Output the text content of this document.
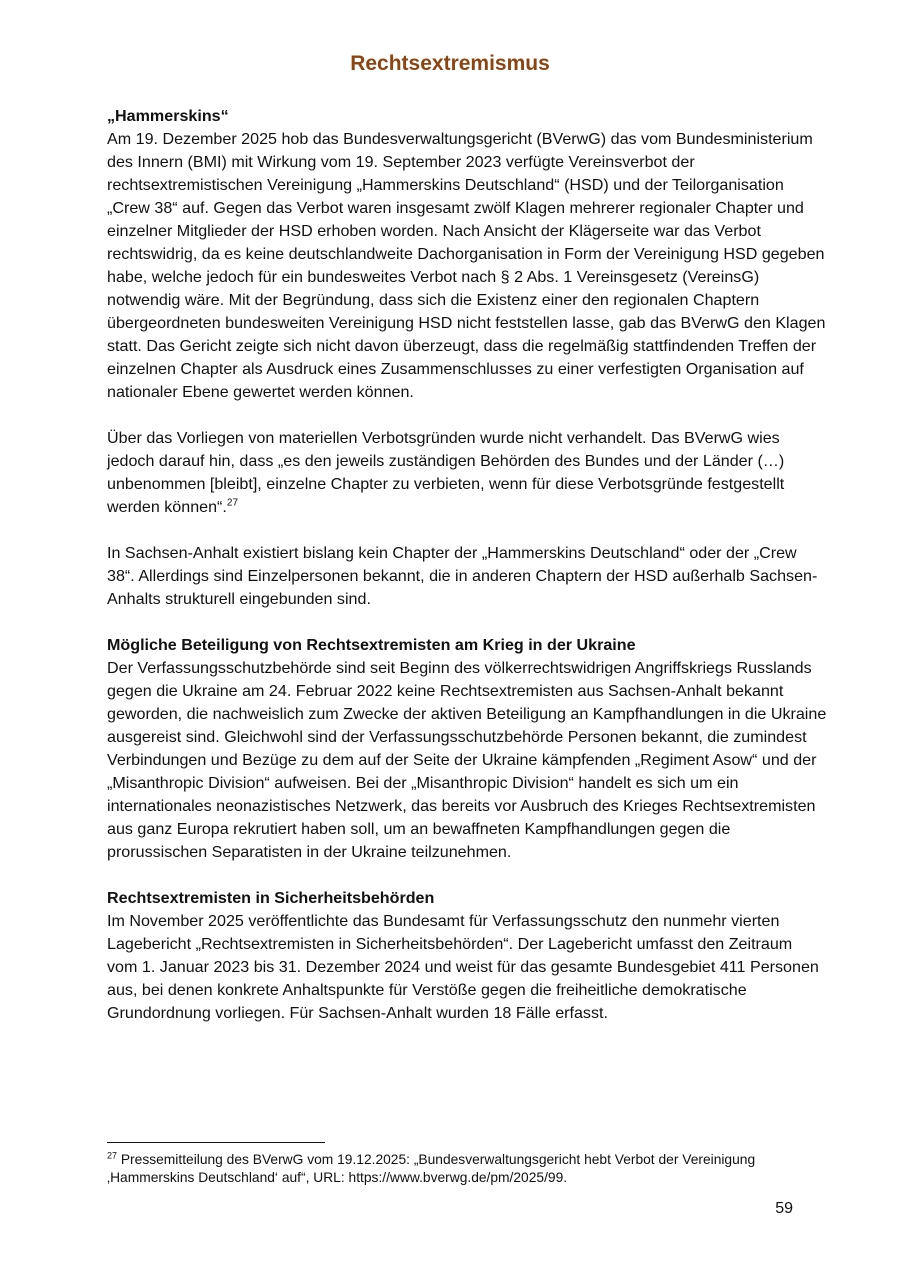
Rechtsextremismus

„Hammerskins“

Am 19. Dezember 2025 hob das Bundesverwaltungsgericht (BVerwG) das vom Bundesministerium des Innern (BMI) mit Wirkung vom 19. September 2023 verfügte Vereinsverbot der rechtsextremistischen Vereinigung „Hammerskins Deutschland“ (HSD) und der Teilorganisation „Crew 38“ auf. Gegen das Verbot waren insgesamt zwölf Klagen mehrerer regionaler Chapter und einzelner Mitglieder der HSD erhoben worden. Nach Ansicht der Klägerseite war das Verbot rechtswidrig, da es keine deutschlandweite Dachorganisation in Form der Vereinigung HSD gegeben habe, welche jedoch für ein bundesweites Verbot nach § 2 Abs. 1 Vereinsgesetz (VereinsG) notwendig wäre. Mit der Begründung, dass sich die Existenz einer den regionalen Chaptern übergeordneten bundesweiten Vereinigung HSD nicht feststellen lasse, gab das BVerwG den Klagen statt. Das Gericht zeigte sich nicht davon überzeugt, dass die regelmäßig stattfindenden Treffen der einzelnen Chapter als Ausdruck eines Zusammenschlusses zu einer verfestigten Organisation auf nationaler Ebene gewertet werden können.

Über das Vorliegen von materiellen Verbotsgründen wurde nicht verhandelt. Das BVerwG wies jedoch darauf hin, dass „es den jeweils zuständigen Behörden des Bundes und der Länder (…) unbenommen [bleibt], einzelne Chapter zu verbieten, wenn für diese Verbotsgründe festgestellt werden können“.$^{27}$

In Sachsen-Anhalt existiert bislang kein Chapter der „Hammerskins Deutschland“ oder der „Crew 38“. Allerdings sind Einzelpersonen bekannt, die in anderen Chaptern der HSD außerhalb Sachsen-Anhalts strukturell eingebunden sind.

Mögliche Beteiligung von Rechtsextremisten am Krieg in der Ukraine

Der Verfassungsschutzbehörde sind seit Beginn des völkerrechtswidrigen Angriffskriegs Russlands gegen die Ukraine am 24. Februar 2022 keine Rechtsextremisten aus Sachsen-Anhalt bekannt geworden, die nachweislich zum Zwecke der aktiven Beteiligung an Kampfhandlungen in die Ukraine ausgereist sind. Gleichwohl sind der Verfassungsschutzbehörde Personen bekannt, die zumindest Verbindungen und Bezüge zu dem auf der Seite der Ukraine kämpfenden „Regiment Asow“ und der „Misanthropic Division“ aufweisen. Bei der „Misanthropic Division“ handelt es sich um ein internationales neonazistisches Netzwerk, das bereits vor Ausbruch des Krieges Rechtsextremisten aus ganz Europa rekrutiert haben soll, um an bewaffneten Kampfhandlungen gegen die prorussischen Separatisten in der Ukraine teilzunehmen.

Rechtsextremisten in Sicherheitsbehörden

Im November 2025 veröffentlichte das Bundesamt für Verfassungsschutz den nunmehr vierten Lagebericht „Rechtsextremisten in Sicherheitsbehörden“. Der Lagebericht umfasst den Zeitraum vom 1. Januar 2023 bis 31. Dezember 2024 und weist für das gesamte Bundesgebiet 411 Personen aus, bei denen konkrete Anhaltspunkte für Verstöße gegen die freiheitliche demokratische Grundordnung vorliegen. Für Sachsen-Anhalt wurden 18 Fälle erfasst.

$^{27}$ Pressemitteilung des BVerwG vom 19.12.2025: „Bundesverwaltungsgericht hebt Verbot der Vereinigung ‚Hammerskins Deutschland‘ auf“, URL: https://www.bverwg.de/pm/2025/99.
59
